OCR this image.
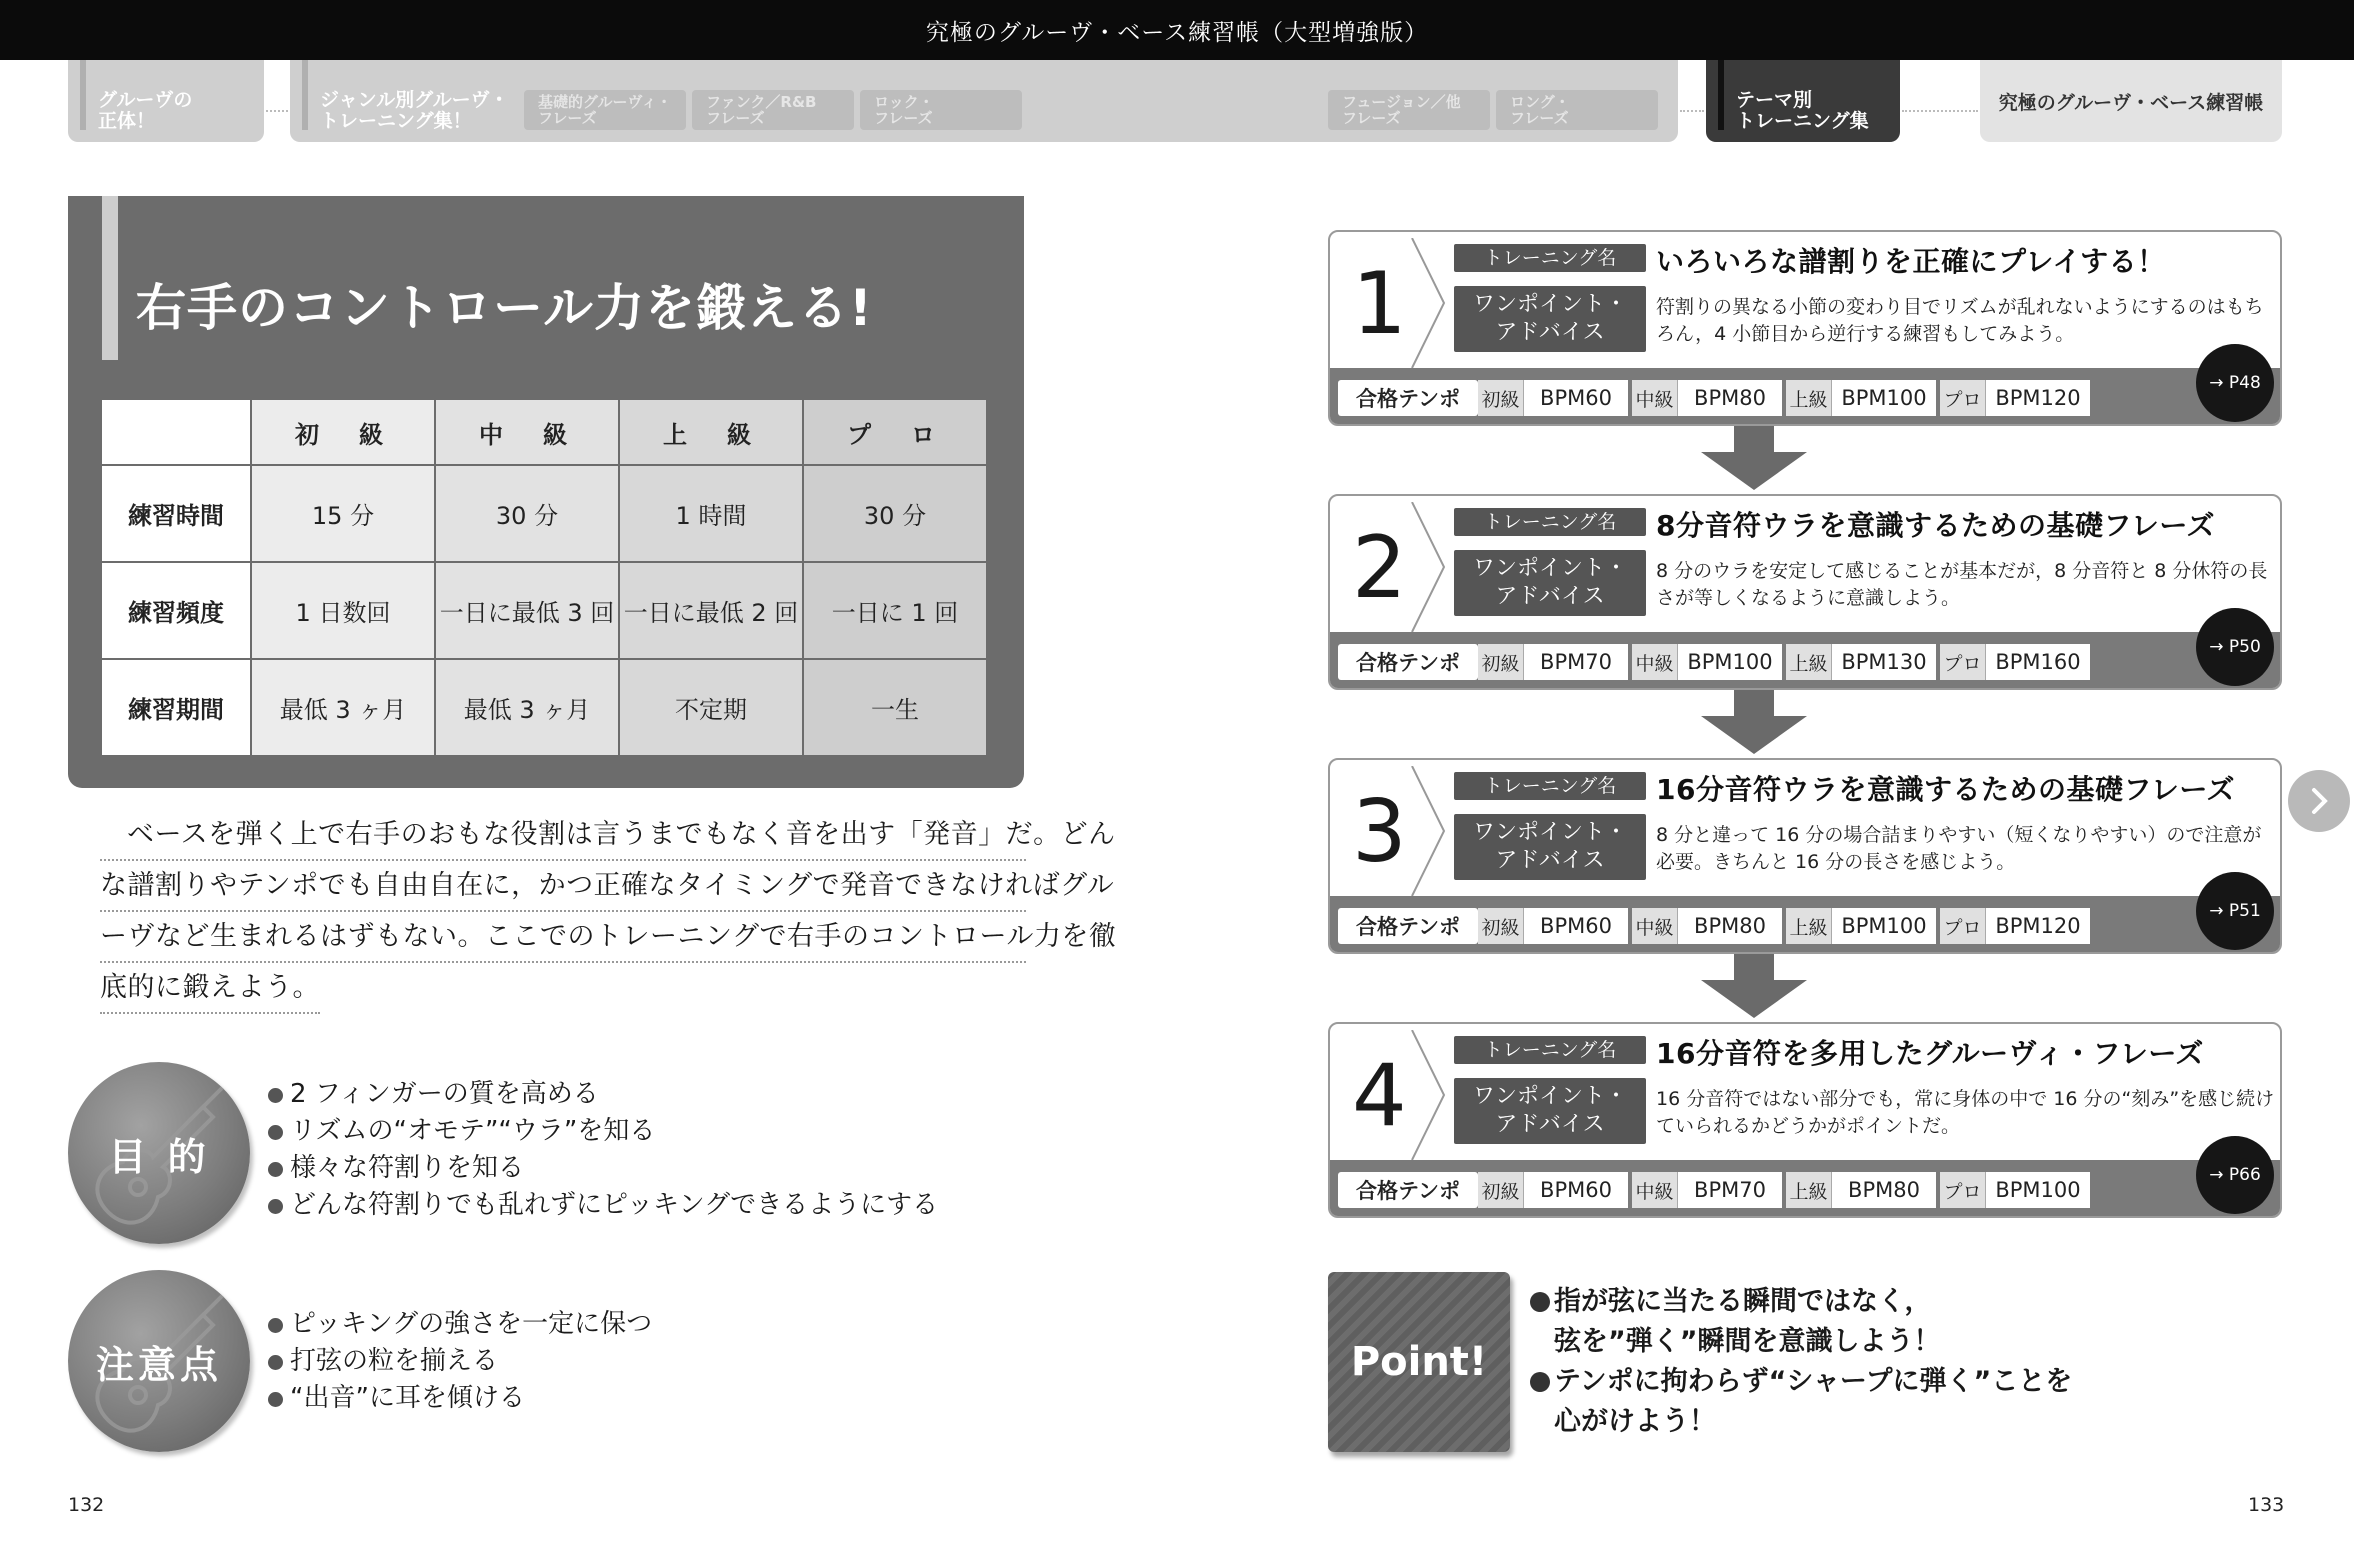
究極のグルーヴ・ベース練習帳（大型増強版）
グルーヴの
正体！
ジャンル別グルーヴ・
トレーニング集！
基礎的グルーヴィ・
フレーズ
ファンク／R&B
フレーズ
ロック・
フレーズ
フュージョン／他
フレーズ
ロング・
フレーズ
テーマ別
トレーニング集
究極のグルーヴ・ベース練習帳
右手のコントロール力を鍛える!
	初　級	中　級	上　級	プ　ロ
練習時間	15 分	30 分	1 時間	30 分
練習頻度	1 日数回	一日に最低 3 回	一日に最低 2 回	一日に 1 回
練習期間	最低 3 ヶ月	最低 3 ヶ月	不定期	一生
ベースを弾く上で右手のおもな役割は言うまでもなく音を出す「発音」だ。どん
な譜割りやテンポでも自由自在に，かつ正確なタイミングで発音できなければグル
ーヴなど生まれるはずもない。ここでのトレーニングで右手のコントロール力を徹
底的に鍛えよう。
目 的
2 フィンガーの質を高める
リズムの“オモテ”“ウラ”を知る
様々な符割りを知る
どんな符割りでも乱れずにピッキングできるようにする
注意点
ピッキングの強さを一定に保つ
打弦の粒を揃える
“出音”に耳を傾ける
132
1	トレーニング名	いろいろな譜割りを正確にプレイする！
ワンポイント・
アドバイス
符割りの異なる小節の変わり目でリズムが乱れないようにするのはもちろん，4 小節目から逆行する練習もしてみよう。
合格テンポ	初級 BPM60	中級 BPM80	上級 BPM100 プロ BPM120
→ P48
2	トレーニング名	8分音符ウラを意識するための基礎フレーズ
ワンポイント・
アドバイス
8 分のウラを安定して感じることが基本だが，8 分音符と 8 分休符の長さが等しくなるように意識しよう。
合格テンポ	初級 BPM70	中級 BPM100 上級 BPM130 プロ BPM160
→ P50
3	トレーニング名	16分音符ウラを意識するための基礎フレーズ
ワンポイント・
アドバイス
8 分と違って 16 分の場合詰まりやすい（短くなりやすい）ので注意が必要。きちんと 16 分の長さを感じよう。
合格テンポ	初級 BPM60	中級 BPM80	上級 BPM100 プロ BPM120
→ P51
4	トレーニング名	16分音符を多用したグルーヴィ・フレーズ
ワンポイント・
アドバイス
16 分音符ではない部分でも，常に身体の中で 16 分の“刻み”を感じ続けていられるかどうかがポイントだ。
合格テンポ	初級 BPM60	中級 BPM70	上級 BPM80	プロ BPM100
→ P66
Point!
指が弦に当たる瞬間ではなく，
弦を”弾く”瞬間を意識しよう！
テンポに拘わらず“シャープに弾く”ことを
心がけよう！
133
